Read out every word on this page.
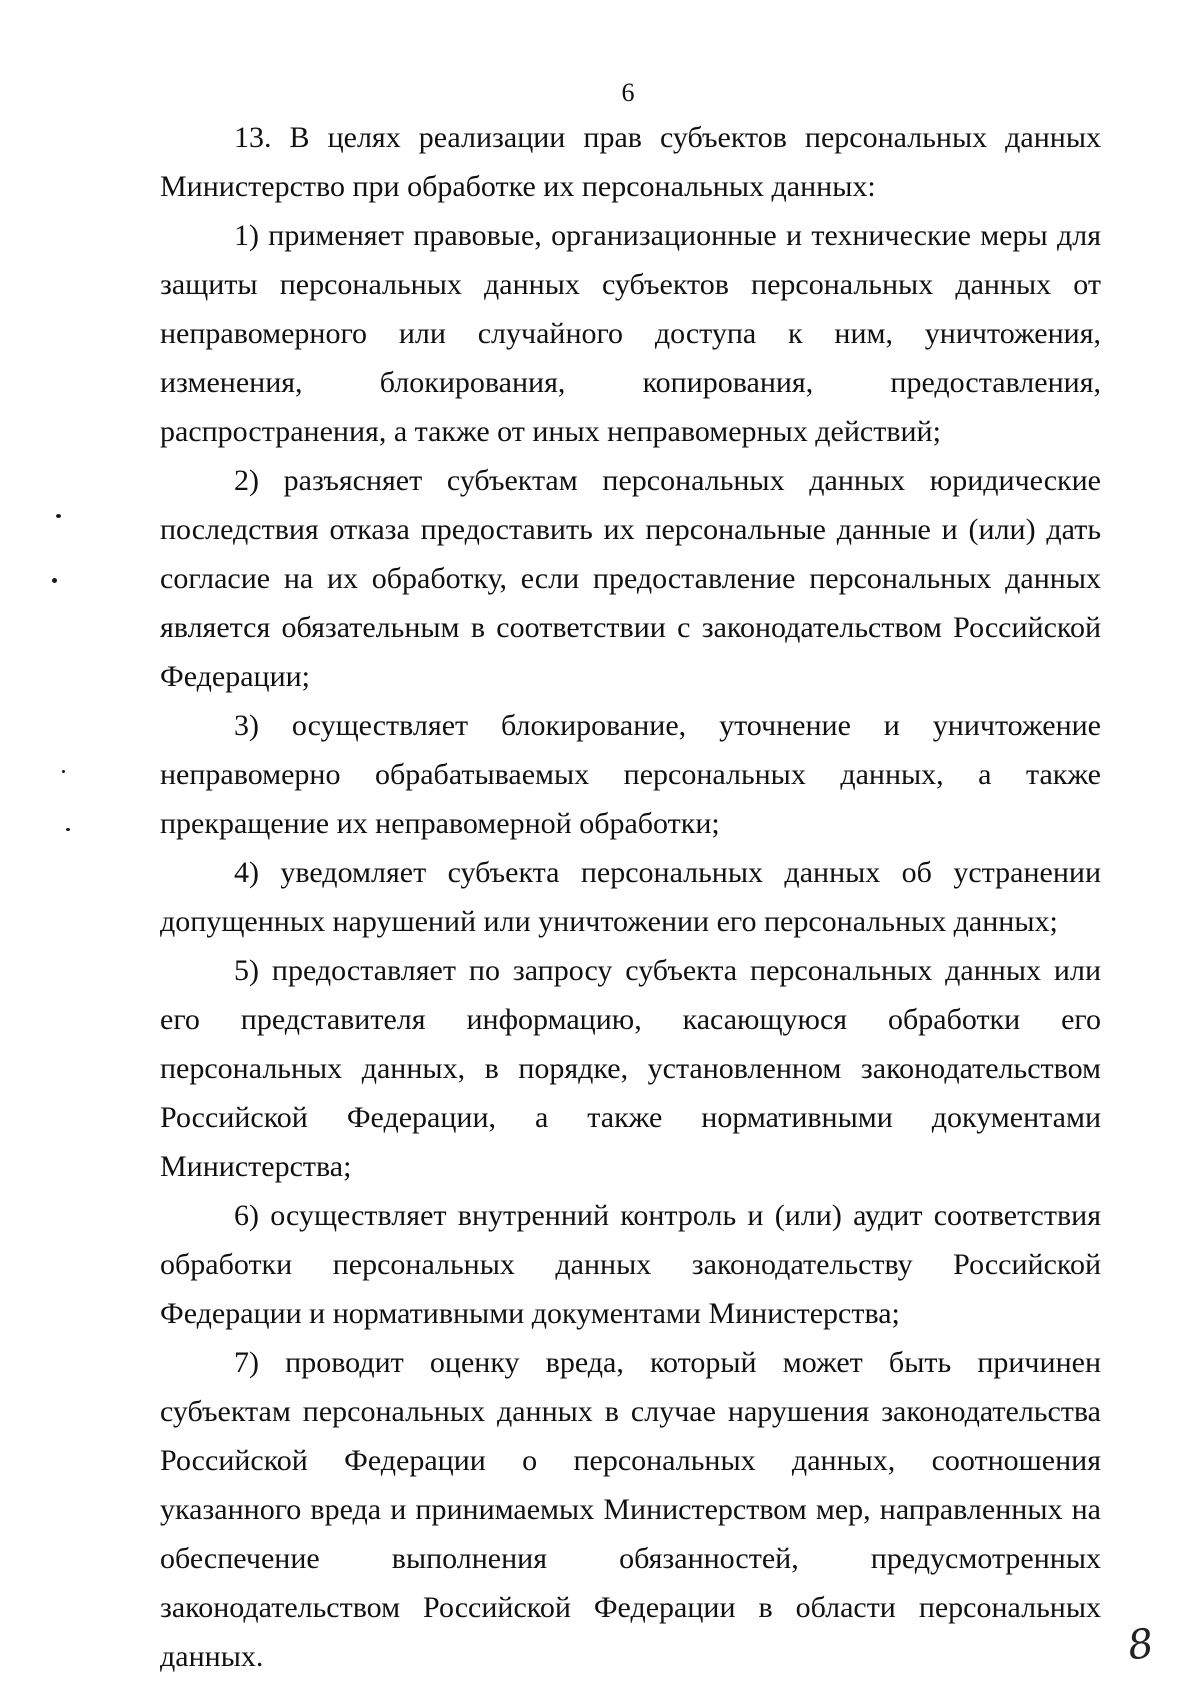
6

13. В целях реализации прав субъектов персональных данных Министерство при обработке их персональных данных:

1) применяет правовые, организационные и технические меры для защиты персональных данных субъектов персональных данных от неправомерного или случайного доступа к ним, уничтожения, изменения, блокирования, копирования, предоставления, распространения, а также от иных неправомерных действий;

2) разъясняет субъектам персональных данных юридические последствия отказа предоставить их персональные данные и (или) дать согласие на их обработку, если предоставление персональных данных является обязательным в соответствии с законодательством Российской Федерации;

3) осуществляет блокирование, уточнение и уничтожение неправомерно обрабатываемых персональных данных, а также прекращение их неправомерной обработки;

4) уведомляет субъекта персональных данных об устранении допущенных нарушений или уничтожении его персональных данных;

5) предоставляет по запросу субъекта персональных данных или его представителя информацию, касающуюся обработки его персональных данных, в порядке, установленном законодательством Российской Федерации, а также нормативными документами Министерства;

6) осуществляет внутренний контроль и (или) аудит соответствия обработки персональных данных законодательству Российской Федерации и нормативными документами Министерства;

7) проводит оценку вреда, который может быть причинен субъектам персональных данных в случае нарушения законодательства Российской Федерации о персональных данных, соотношения указанного вреда и принимаемых Министерством мер, направленных на обеспечение выполнения обязанностей, предусмотренных законодательством Российской Федерации в области персональных данных.	8
